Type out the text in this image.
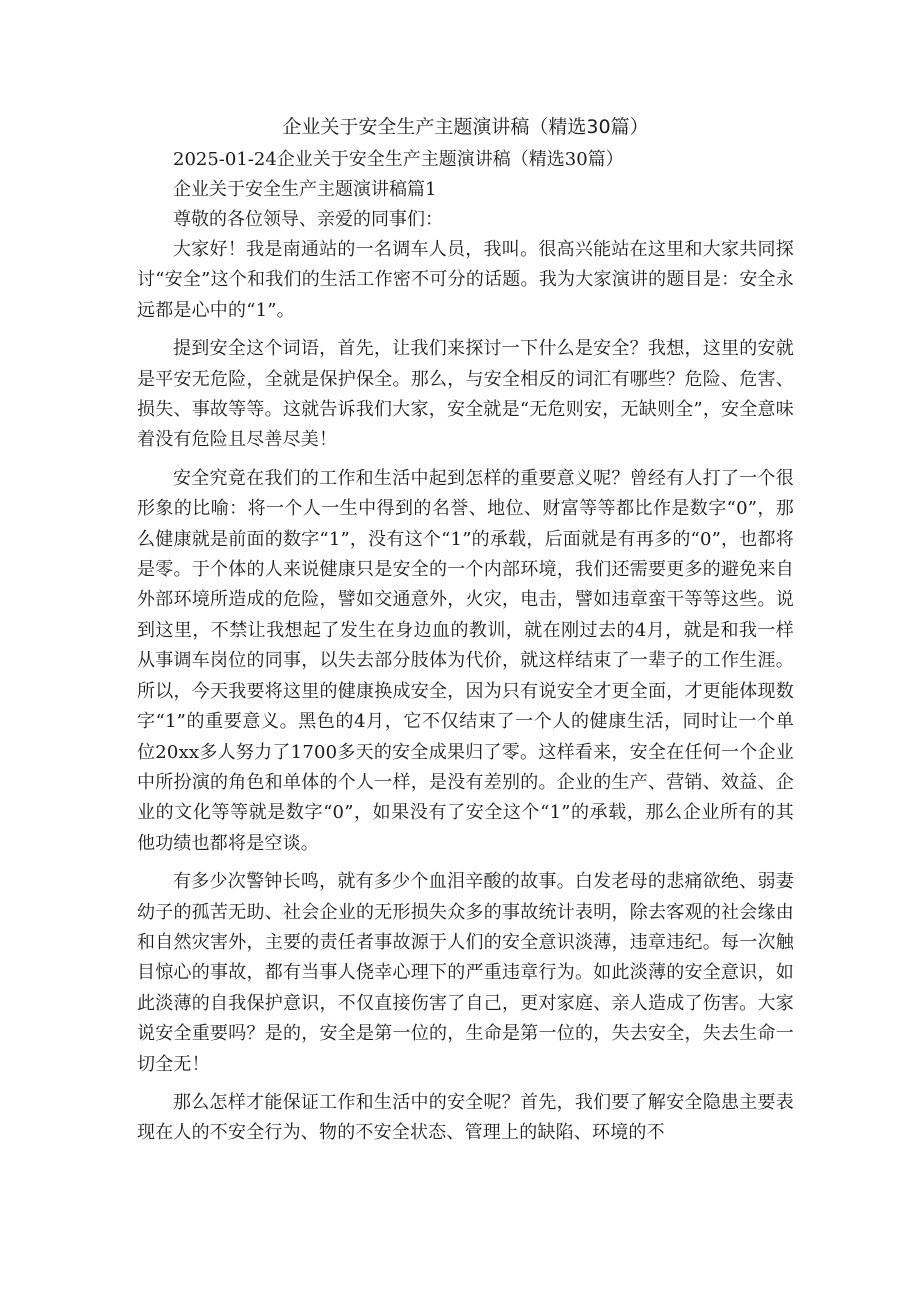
企业关于安全生产主题演讲稿（精选30篇）

2025-01-24企业关于安全生产主题演讲稿（精选30篇）

企业关于安全生产主题演讲稿篇1

尊敬的各位领导、亲爱的同事们：

大家好！我是南通站的一名调车人员，我叫。很高兴能站在这里和大家共同探讨“安全”这个和我们的生活工作密不可分的话题。我为大家演讲的题目是：安全永远都是心中的“1”。

提到安全这个词语，首先，让我们来探讨一下什么是安全？我想，这里的安就是平安无危险，全就是保护保全。那么，与安全相反的词汇有哪些？危险、危害、损失、事故等等。这就告诉我们大家，安全就是“无危则安，无缺则全”，安全意味着没有危险且尽善尽美！

安全究竟在我们的工作和生活中起到怎样的重要意义呢？曾经有人打了一个很形象的比喻：将一个人一生中得到的名誉、地位、财富等等都比作是数字“0”，那么健康就是前面的数字“1”，没有这个“1”的承载，后面就是有再多的“0”，也都将是零。于个体的人来说健康只是安全的一个内部环境，我们还需要更多的避免来自外部环境所造成的危险，譬如交通意外，火灾，电击，譬如违章蛮干等等这些。说到这里，不禁让我想起了发生在身边血的教训，就在刚过去的4月，就是和我一样从事调车岗位的同事，以失去部分肢体为代价，就这样结束了一辈子的工作生涯。所以，今天我要将这里的健康换成安全，因为只有说安全才更全面，才更能体现数字“1”的重要意义。黑色的4月，它不仅结束了一个人的健康生活，同时让一个单位20xx多人努力了1700多天的安全成果归了零。这样看来，安全在任何一个企业中所扮演的角色和单体的个人一样，是没有差别的。企业的生产、营销、效益、企业的文化等等就是数字“0”，如果没有了安全这个“1”的承载，那么企业所有的其他功绩也都将是空谈。

有多少次警钟长鸣，就有多少个血泪辛酸的故事。白发老母的悲痛欲绝、弱妻幼子的孤苦无助、社会企业的无形损失众多的事故统计表明，除去客观的社会缘由和自然灾害外，主要的责任者事故源于人们的安全意识淡薄，违章违纪。每一次触目惊心的事故，都有当事人侥幸心理下的严重违章行为。如此淡薄的安全意识，如此淡薄的自我保护意识，不仅直接伤害了自己，更对家庭、亲人造成了伤害。大家说安全重要吗？是的，安全是第一位的，生命是第一位的，失去安全，失去生命一切全无！

那么怎样才能保证工作和生活中的安全呢？首先，我们要了解安全隐患主要表现在人的不安全行为、物的不安全状态、管理上的缺陷、环境的不
